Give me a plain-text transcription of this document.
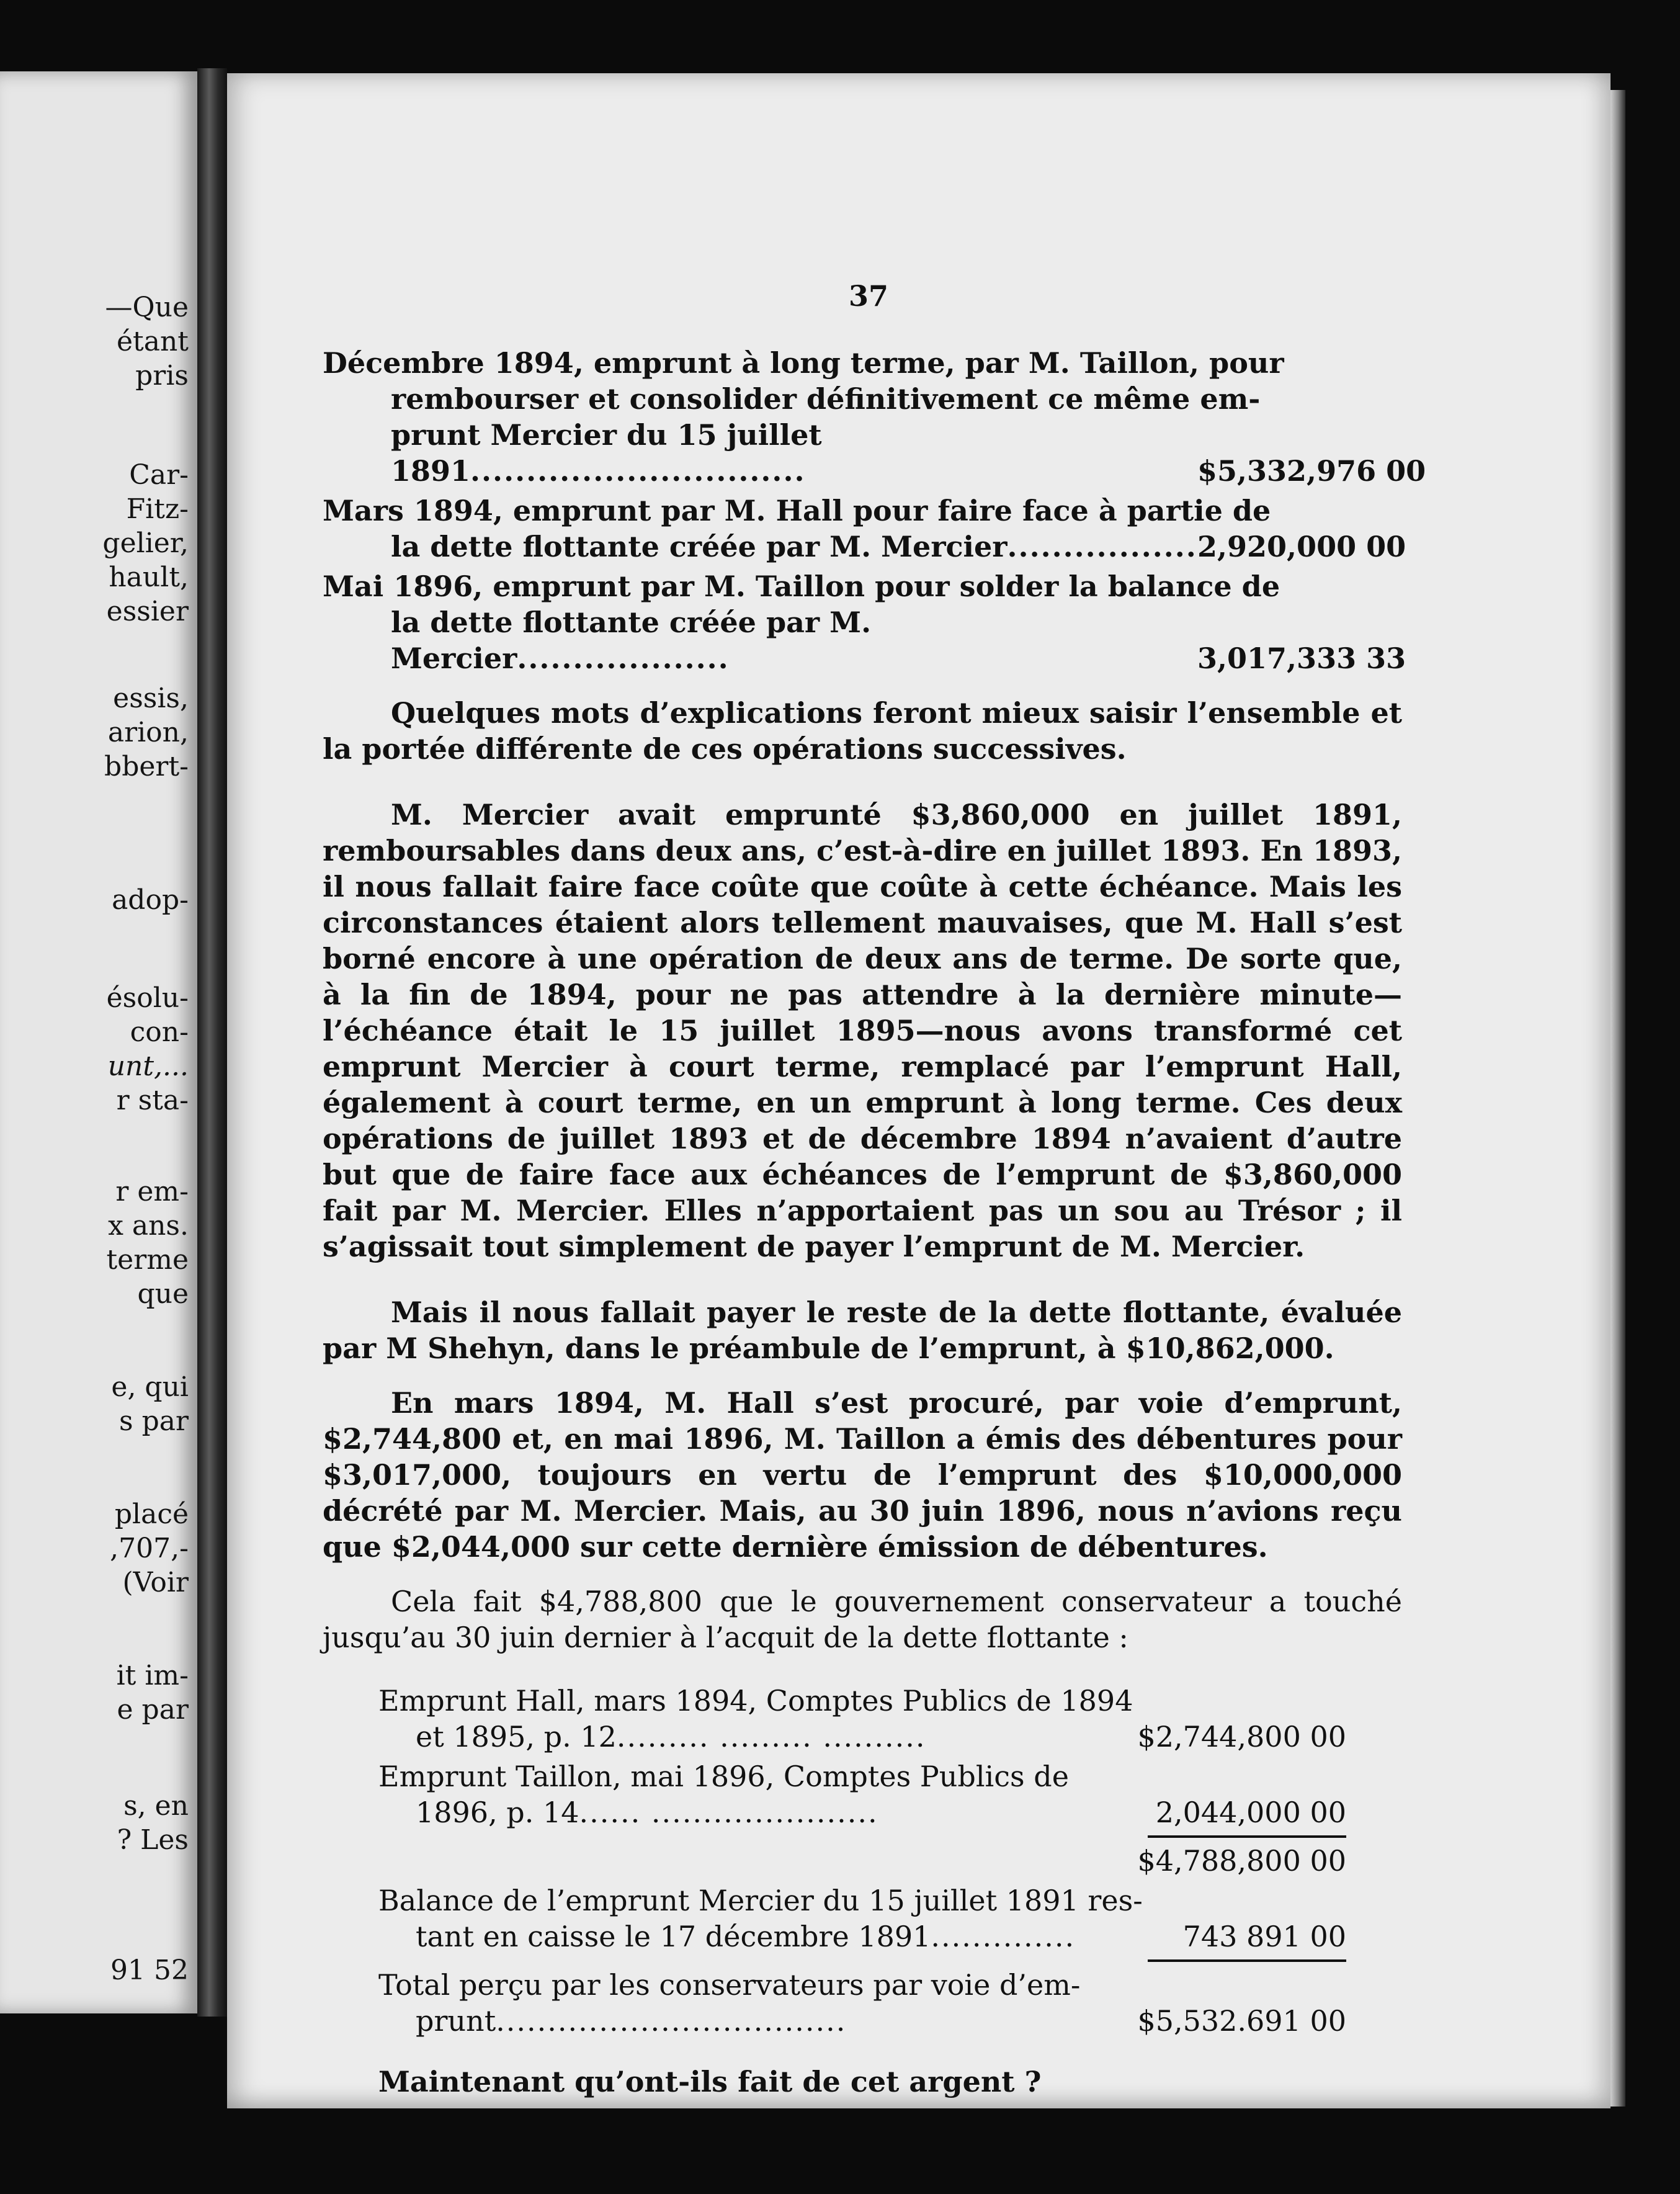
—Que
étant
pris
Car-
Fitz-
gelier,
hault,
essier
essis,
arion,
bbert-
adop-
ésolu-
con-
unt,...
r sta-
r em-
x ans.
terme
que
e, qui
s par
placé
,707,-
(Voir
it im-
e par
s, en
? Les
91 52
37
Décembre 1894, emprunt à long terme, par M. Taillon, pour
rembourser et consolider définitivement ce même em-
prunt Mercier du 15 juillet 1891..............................	$5,332,976 00
Mars 1894, emprunt par M. Hall pour faire face à partie de
la dette flottante créée par M. Mercier................. 2,920,000 00
Mai 1896, emprunt par M. Taillon pour solder la balance de
la dette flottante créée par M. Mercier...................	3,017,333 33

Quelques mots d’explications feront mieux saisir l’ensemble et la portée différente de ces opérations successives.

M. Mercier avait emprunté $3,860,000 en juillet 1891, remboursables dans deux ans, c’est-à-dire en juillet 1893. En 1893, il nous fallait faire face coûte que coûte à cette échéance. Mais les circonstances étaient alors tellement mauvaises, que M. Hall s’est borné encore à une opération de deux ans de terme. De sorte que, à la fin de 1894, pour ne pas attendre à la dernière minute—l’échéance était le 15 juillet 1895—nous avons transformé cet emprunt Mercier à court terme, remplacé par l’emprunt Hall, également à court terme, en un emprunt à long terme. Ces deux opérations de juillet 1893 et de décembre 1894 n’avaient d’autre but que de faire face aux échéances de l’emprunt de $3,860,000 fait par M. Mercier. Elles n’apportaient pas un sou au Trésor ; il s’agissait tout simplement de payer l’emprunt de M. Mercier.

Mais il nous fallait payer le reste de la dette flottante, évaluée par M Shehyn, dans le préambule de l’emprunt, à $10,862,000.

En mars 1894, M. Hall s’est procuré, par voie d’emprunt, $2,744,800 et, en mai 1896, M. Taillon a émis des débentures pour $3,017,000, toujours en vertu de l’emprunt des $10,000,000 décrété par M. Mercier. Mais, au 30 juin 1896, nous n’avions reçu que $2,044,000 sur cette dernière émission de débentures.

Cela fait $4,788,800 que le gouvernement conservateur a touché jusqu’au 30 juin dernier à l’acquit de la dette flottante :

Emprunt Hall, mars 1894, Comptes Publics de 1894
et 1895, p. 12......... ......... ..........	$2,744,800 00
Emprunt Taillon, mai 1896, Comptes Publics de
1896, p. 14...... ......................	2,044,000 00
$4,788,800 00
Balance de l’emprunt Mercier du 15 juillet 1891 res-
tant en caisse le 17 décembre 1891..............	743 891 00
Total perçu par les conservateurs par voie d’em-
prunt..................................	$5,532.691 00
Maintenant qu’ont-ils fait de cet argent ?
